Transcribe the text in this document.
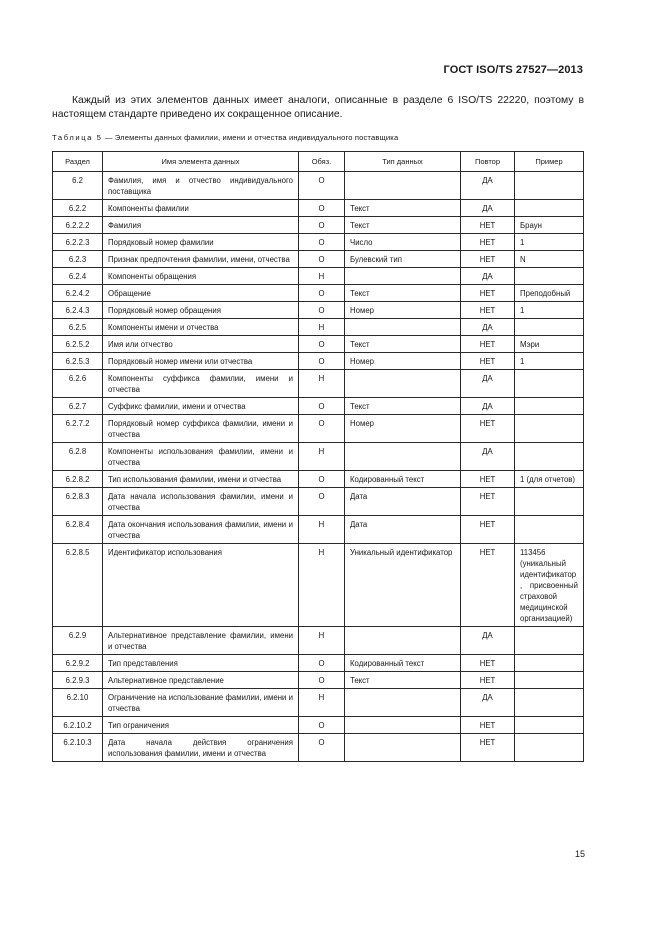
ГОСТ ISO/TS 27527—2013

Каждый из этих элементов данных имеет аналоги, описанные в разделе 6 ISO/TS 22220, поэтому в настоящем стандарте приведено их сокращенное описание.

Таблица 5 — Элементы данных фамилии, имени и отчества индивидуального поставщика
Раздел	Имя элемента данных	Обяз.	Тип данных	Повтор	Пример
6.2	Фамилия, имя и отчество индивидуального поставщика	О		ДА	
6.2.2	Компоненты фамилии	О	Текст	ДА	
6.2.2.2	Фамилия	О	Текст	НЕТ	Браун
6.2.2.3	Порядковый номер фамилии	О	Число	НЕТ	1
6.2.3	Признак предпочтения фамилии, имени, отчества	О	Булевский тип	НЕТ	N
6.2.4	Компоненты обращения	Н		ДА	
6.2.4.2	Обращение	О	Текст	НЕТ	Преподобный
6.2.4.3	Порядковый номер обращения	О	Номер	НЕТ	1
6.2.5	Компоненты имени и отчества	Н		ДА	
6.2.5.2	Имя или отчество	О	Текст	НЕТ	Мэри
6.2.5.3	Порядковый номер имени или отчества	О	Номер	НЕТ	1
6.2.6	Компоненты суффикса фамилии, имени и отчества	Н		ДА	
6.2.7	Суффикс фамилии, имени и отчества	О	Текст	ДА	
6.2.7.2	Порядковый номер суффикса фамилии, имени и отчества	О	Номер	НЕТ	
6.2.8	Компоненты использования фамилии, имени и отчества	Н		ДА	
6.2.8.2	Тип использования фамилии, имени и отчества	О	Кодированный текст	НЕТ	1 (для отчетов)
6.2.8.3	Дата начала использования фамилии, имени и отчества	О	Дата	НЕТ	
6.2.8.4	Дата окончания использования фамилии, имени и отчества	Н	Дата	НЕТ	
6.2.8.5	Идентификатор использования	Н	Уникальный идентификатор	НЕТ	113456 (уникальный идентификатор, присвоенный страховой медицинской организацией)
6.2.9	Альтернативное представление фамилии, имени и отчества	Н		ДА	
6.2.9.2	Тип представления	О	Кодированный текст	НЕТ	
6.2.9.3	Альтернативное представление	О	Текст	НЕТ	
6.2.10	Ограничение на использование фамилии, имени и отчества	Н		ДА	
6.2.10.2	Тип ограничения	О		НЕТ	
6.2.10.3	Дата начала действия ограничения использования фамилии, имени и отчества	О		НЕТ	
15
